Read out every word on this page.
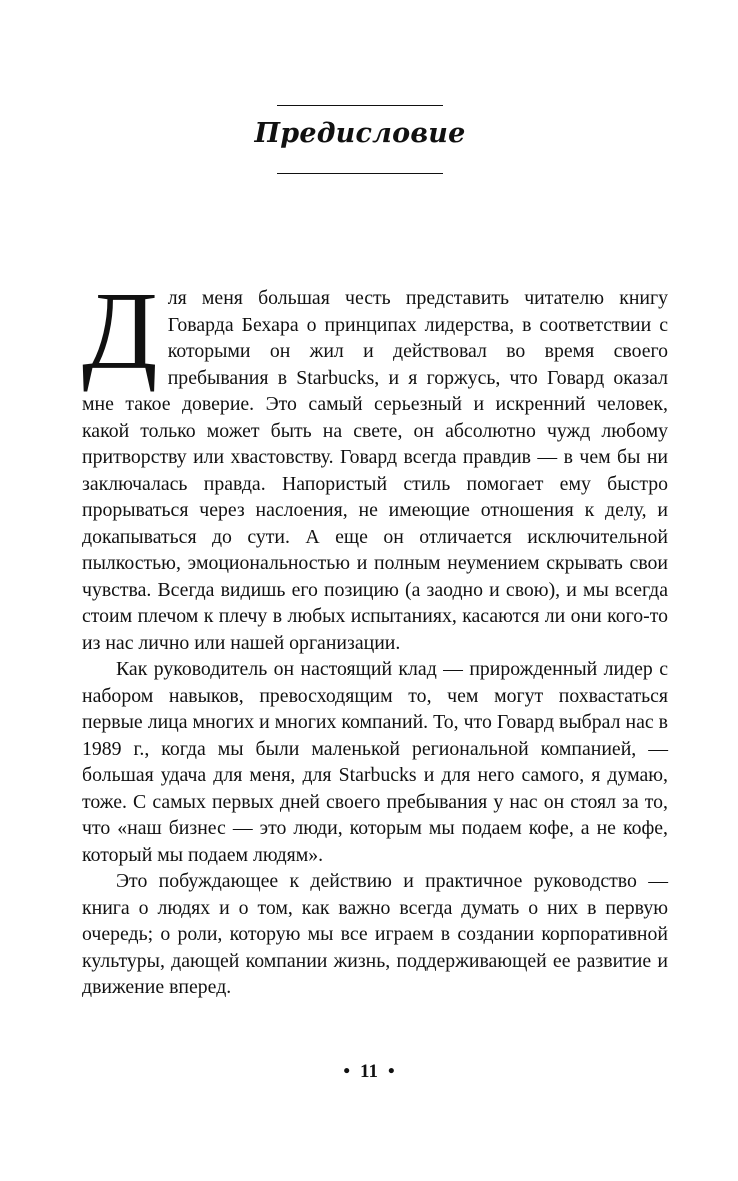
Предисловие

Для меня большая честь представить читателю книгу Говарда Бехара о принципах лидерства, в соответствии с которыми он жил и действовал во время своего пребывания в Starbucks, и я горжусь, что Говард оказал мне такое доверие. Это самый серьезный и искренний человек, какой только может быть на свете, он абсолютно чужд любому притворству или хвастовству. Говард всегда правдив — в чем бы ни заключалась правда. Напористый стиль помогает ему быстро прорываться через наслоения, не имеющие отношения к делу, и докапываться до сути. А еще он отличается исключительной пылкостью, эмоциональностью и полным неумением скрывать свои чувства. Всегда видишь его позицию (а заодно и свою), и мы всегда стоим плечом к плечу в любых испытаниях, касаются ли они кого-то из нас лично или нашей организации.

Как руководитель он настоящий клад — прирожденный лидер с набором навыков, превосходящим то, чем могут похвастаться первые лица многих и многих компаний. То, что Говард выбрал нас в 1989 г., когда мы были маленькой региональной компанией, — большая удача для меня, для Starbucks и для него самого, я думаю, тоже. С самых первых дней своего пребывания у нас он стоял за то, что «наш бизнес — это люди, которым мы подаем кофе, а не кофе, который мы подаем людям».

Это побуждающее к действию и практичное руководство — книга о людях и о том, как важно всегда думать о них в первую очередь; о роли, которую мы все играем в создании корпоративной культуры, дающей компании жизнь, поддерживающей ее развитие и движение вперед.

• 11 •
